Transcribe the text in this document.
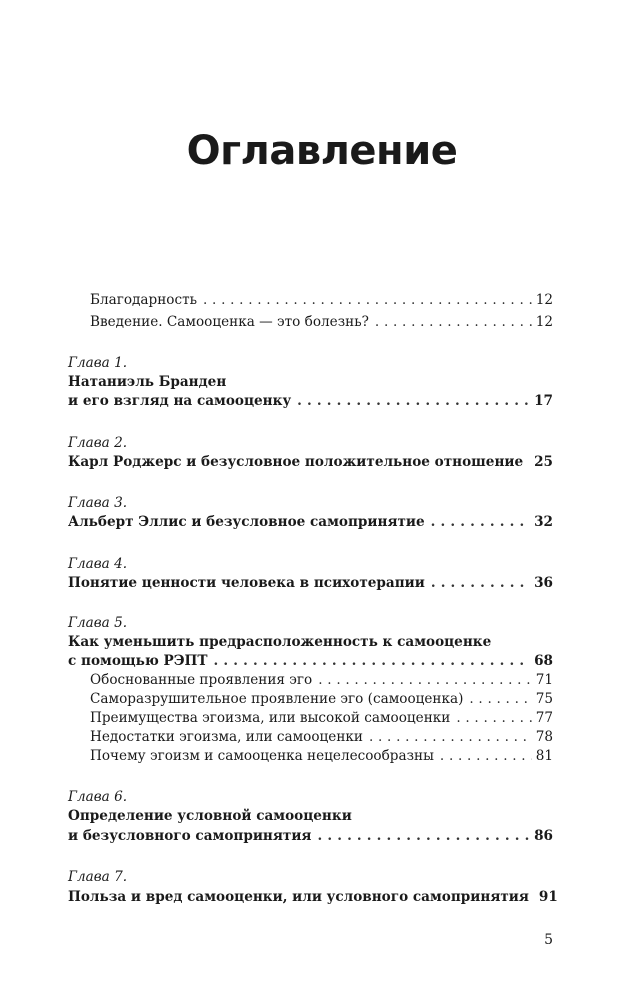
Оглавление
Благодарность . . .	12
Введение. Самооценка — это болезнь? . . .	12
Глава 1.
Натаниэль Бранден
и его взгляд на самооценку . . .	17
Глава 2.
Карл Роджерс и безусловное положительное отношение . . . 25
Глава 3.
Альберт Эллис и безусловное самопринятие . . .	32
Глава 4.
Понятие ценности человека в психотерапии . . .	36
Глава 5.
Как уменьшить предрасположенность к самооценке
с помощью РЭПТ . . .	68
Обоснованные проявления эго . . .	71
Саморазрушительное проявление эго (самооценка) . . .	75
Преимущества эгоизма, или высокой самооценки . . .	77
Недостатки эгоизма, или самооценки . . .	78
Почему эгоизм и самооценка нецелесообразны . . .	81
Глава 6.
Определение условной самооценки
и безусловного самопринятия . . .	86
Глава 7.
Польза и вред самооценки, или условного самопринятия 91
5
